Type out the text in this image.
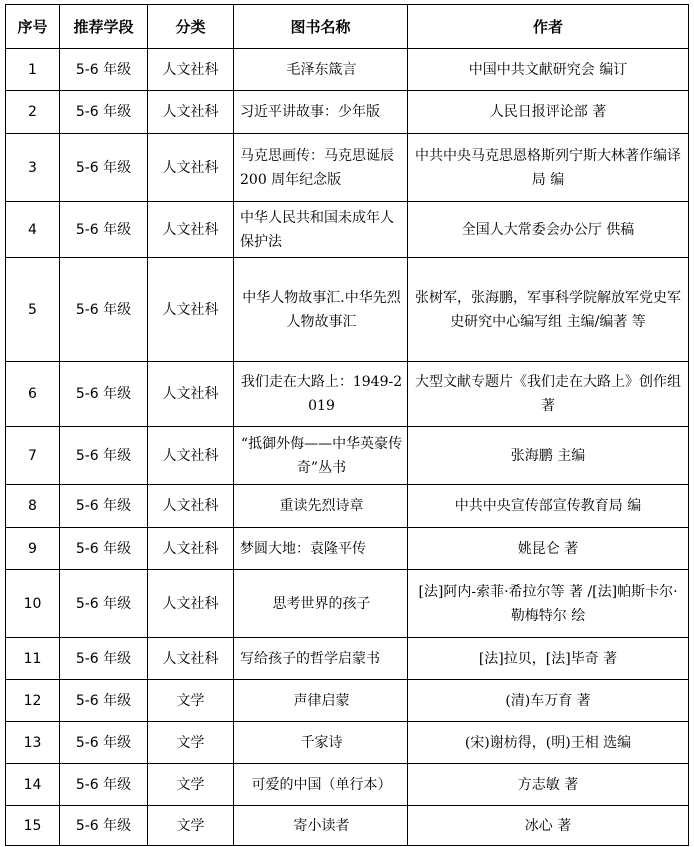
序号	推荐学段	分类	图书名称	作者
1	5-6 年级	人文社科	毛泽东箴言	中国中共文献研究会 编订
2	5-6 年级	人文社科	习近平讲故事：少年版	人民日报评论部 著
3	5-6 年级	人文社科	马克思画传：马克思诞辰 200 周年纪念版	中共中央马克思恩格斯列宁斯大林著作编译局 编
4	5-6 年级	人文社科	中华人民共和国未成年人保护法	全国人大常委会办公厅 供稿
5	5-6 年级	人文社科	中华人物故事汇.中华先烈人物故事汇	张树军，张海鹏，军事科学院解放军党史军史研究中心编写组 主编/编著 等
6	5-6 年级	人文社科	我们走在大路上：1949-2019	大型文献专题片《我们走在大路上》创作组 著
7	5-6 年级	人文社科	“抵御外侮——中华英豪传奇”丛书	张海鹏 主编
8	5-6 年级	人文社科	重读先烈诗章	中共中央宣传部宣传教育局 编
9	5-6 年级	人文社科	梦圆大地：袁隆平传	姚昆仑 著
10	5-6 年级	人文社科	思考世界的孩子	[法]阿内-索菲·希拉尔等 著 /[法]帕斯卡尔·勒梅特尔 绘
11	5-6 年级	人文社科	写给孩子的哲学启蒙书	[法]拉贝，[法]毕奇 著
12	5-6 年级	文学	声律启蒙	(清)车万育 著
13	5-6 年级	文学	千家诗	(宋)谢枋得，(明)王相 选编
14	5-6 年级	文学	可爱的中国（单行本）	方志敏 著
15	5-6 年级	文学	寄小读者	冰心 著
